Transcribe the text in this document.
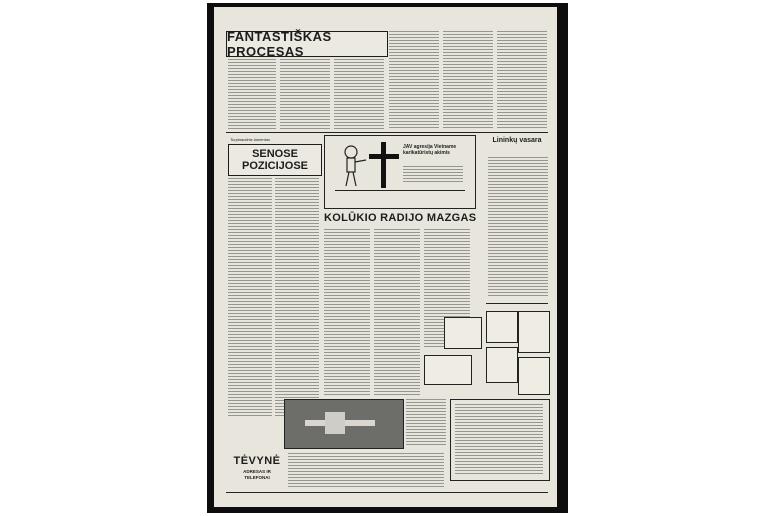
FANTASTIŠKAS PROCESAS
Turpinantinis lamentas
SENOSE POZICIJOSE
JAV agresija Vietname karikatūristų akimis
Lininkų vasara
KOLŪKIO RADIJO MAZGAS
TĖVYNĖ
ADRESAS IR TELEFONAI
